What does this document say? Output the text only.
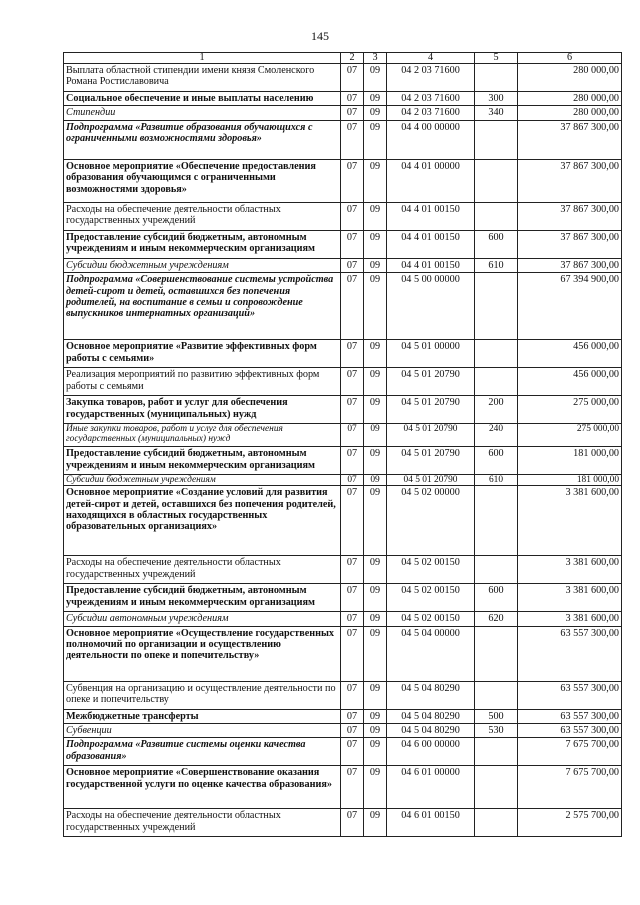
145
1	2	3	4	5	6
Выплата областной стипендии имени князя Смоленского Романа Ростиславовича	07	09	04 2 03 71600		280 000,00
Социальное обеспечение и иные выплаты населению	07	09	04 2 03 71600	300	280 000,00
Стипендии	07	09	04 2 03 71600	340	280 000,00
Подпрограмма «Развитие образования обучающихся с ограниченными возможностями здоровья»	07	09	04 4 00 00000		37 867 300,00
Основное мероприятие «Обеспечение предоставления образования обучающимся с ограниченными возможностями здоровья»	07	09	04 4 01 00000		37 867 300,00
Расходы на обеспечение деятельности областных государственных учреждений	07	09	04 4 01 00150		37 867 300,00
Предоставление субсидий бюджетным, автономным учреждениям и иным некоммерческим организациям	07	09	04 4 01 00150	600	37 867 300,00
Субсидии бюджетным учреждениям	07	09	04 4 01 00150	610	37 867 300,00
Подпрограмма «Совершенствование системы устройства детей-сирот и детей, оставшихся без попечения родителей, на воспитание в семьи и сопровождение выпускников интернатных организаций»	07	09	04 5 00 00000		67 394 900,00
Основное мероприятие «Развитие эффективных форм работы с семьями»	07	09	04 5 01 00000		456 000,00
Реализация мероприятий по развитию эффективных форм работы с семьями	07	09	04 5 01 20790		456 000,00
Закупка товаров, работ и услуг для обеспечения государственных (муниципальных) нужд	07	09	04 5 01 20790	200	275 000,00
Иные закупки товаров, работ и услуг для обеспечения государственных (муниципальных) нужд	07	09	04 5 01 20790	240	275 000,00
Предоставление субсидий бюджетным, автономным учреждениям и иным некоммерческим организациям	07	09	04 5 01 20790	600	181 000,00
Субсидии бюджетным учреждениям	07	09	04 5 01 20790	610	181 000,00
Основное мероприятие «Создание условий для развития детей-сирот и детей, оставшихся без попечения родителей, находящихся в областных государственных образовательных организациях»	07	09	04 5 02 00000		3 381 600,00
Расходы на обеспечение деятельности областных государственных учреждений	07	09	04 5 02 00150		3 381 600,00
Предоставление субсидий бюджетным, автономным учреждениям и иным некоммерческим организациям	07	09	04 5 02 00150	600	3 381 600,00
Субсидии автономным учреждениям	07	09	04 5 02 00150	620	3 381 600,00
Основное мероприятие «Осуществление государственных полномочий по организации и осуществлению деятельности по опеке и попечительству»	07	09	04 5 04 00000		63 557 300,00
Субвенция на организацию и осуществление деятельности по опеке и попечительству	07	09	04 5 04 80290		63 557 300,00
Межбюджетные трансферты	07	09	04 5 04 80290	500	63 557 300,00
Субвенции	07	09	04 5 04 80290	530	63 557 300,00
Подпрограмма «Развитие системы оценки качества образования»	07	09	04 6 00 00000		7 675 700,00
Основное мероприятие «Совершенствование оказания государственной услуги по оценке качества образования»	07	09	04 6 01 00000		7 675 700,00
Расходы на обеспечение деятельности областных государственных учреждений	07	09	04 6 01 00150		2 575 700,00
